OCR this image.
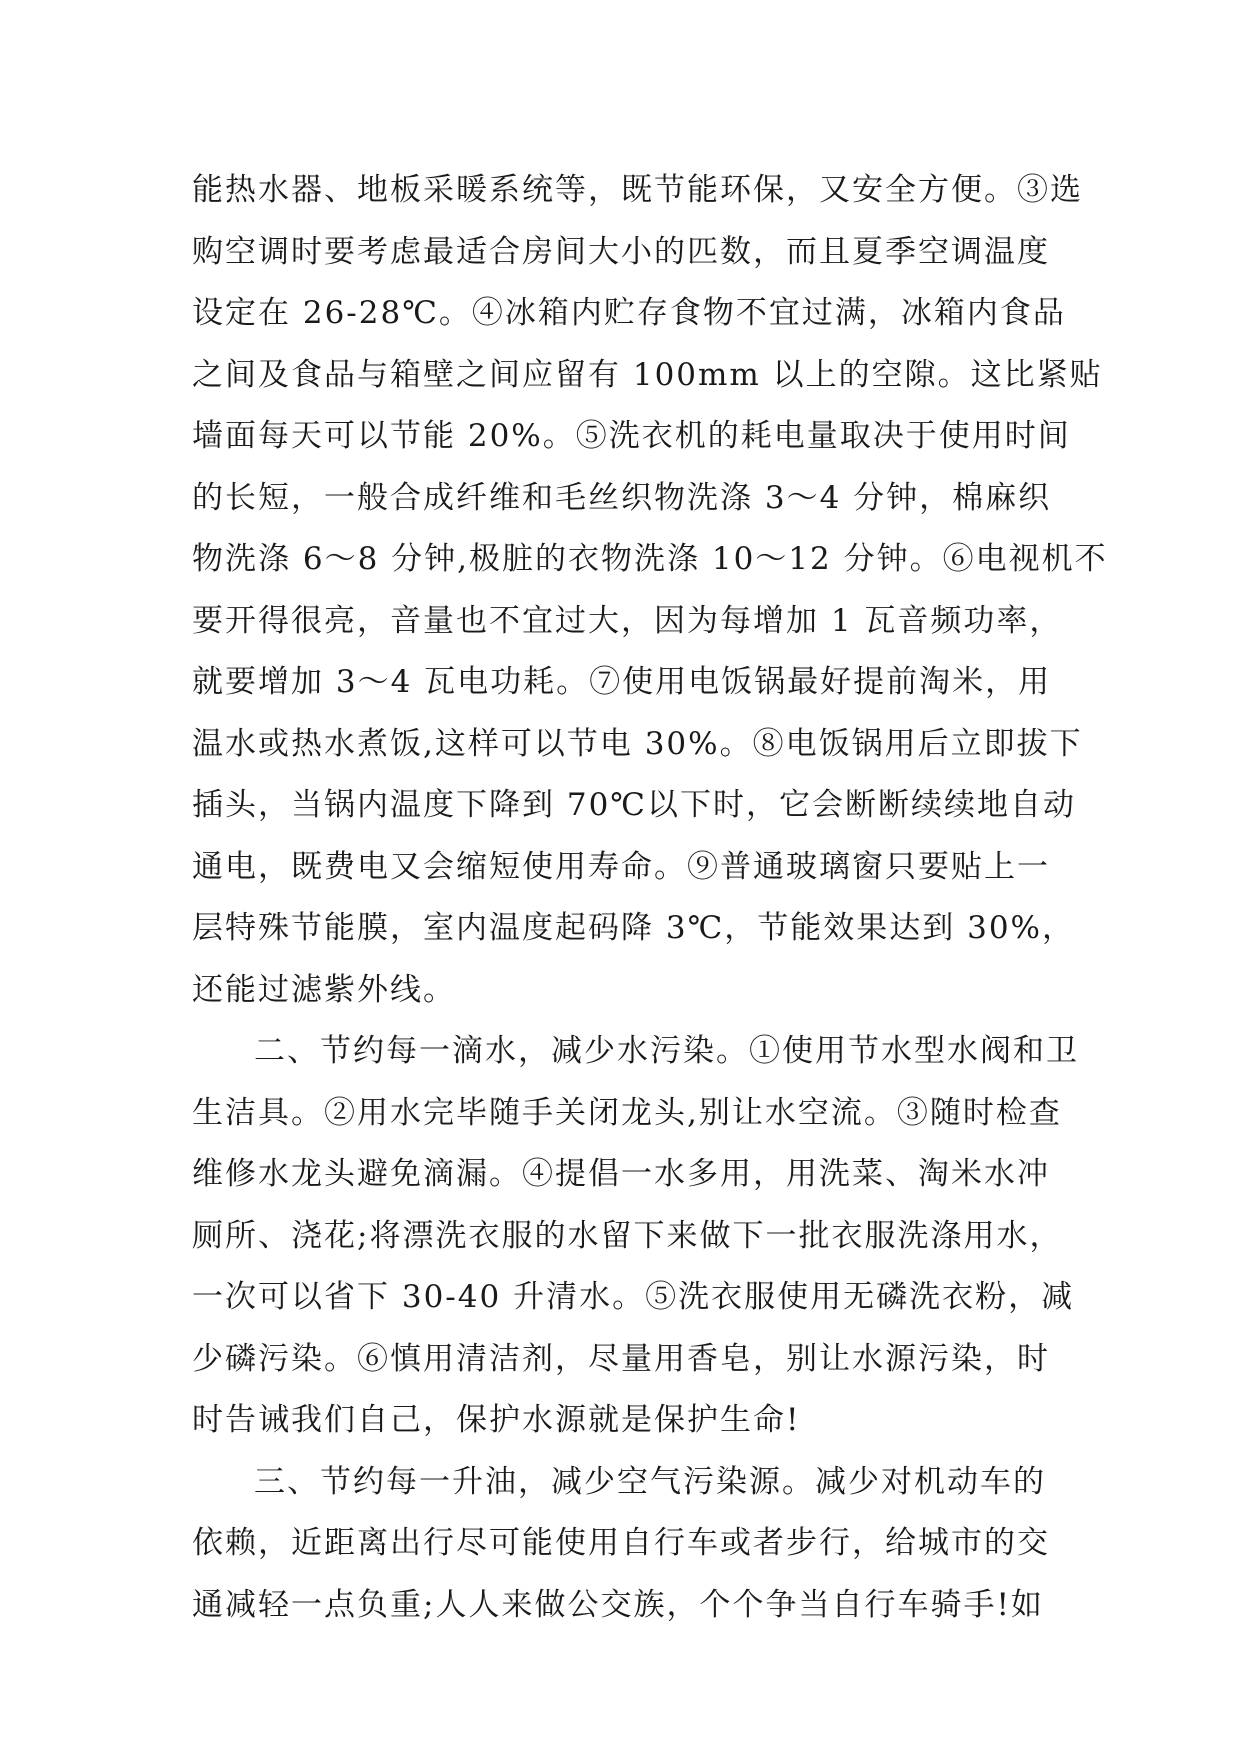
能热水器、地板采暖系统等，既节能环保，又安全方便。③选
购空调时要考虑最适合房间大小的匹数，而且夏季空调温度
设定在 26-28℃。④冰箱内贮存食物不宜过满，冰箱内食品
之间及食品与箱壁之间应留有 100mm 以上的空隙。这比紧贴
墙面每天可以节能 20%。⑤洗衣机的耗电量取决于使用时间
的长短，一般合成纤维和毛丝织物洗涤 3～4 分钟，棉麻织
物洗涤 6～8 分钟,极脏的衣物洗涤 10～12 分钟。⑥电视机不
要开得很亮，音量也不宜过大，因为每增加 1 瓦音频功率，
就要增加 3～4 瓦电功耗。⑦使用电饭锅最好提前淘米，用
温水或热水煮饭,这样可以节电 30%。⑧电饭锅用后立即拔下
插头，当锅内温度下降到 70℃以下时，它会断断续续地自动
通电，既费电又会缩短使用寿命。⑨普通玻璃窗只要贴上一
层特殊节能膜，室内温度起码降 3℃，节能效果达到 30%，
还能过滤紫外线。
二、节约每一滴水，减少水污染。①使用节水型水阀和卫
生洁具。②用水完毕随手关闭龙头,别让水空流。③随时检查
维修水龙头避免滴漏。④提倡一水多用，用洗菜、淘米水冲
厕所、浇花;将漂洗衣服的水留下来做下一批衣服洗涤用水，
一次可以省下 30-40 升清水。⑤洗衣服使用无磷洗衣粉，减
少磷污染。⑥慎用清洁剂，尽量用香皂，别让水源污染，时
时告诫我们自己，保护水源就是保护生命!
三、节约每一升油，减少空气污染源。减少对机动车的
依赖，近距离出行尽可能使用自行车或者步行，给城市的交
通减轻一点负重;人人来做公交族，个个争当自行车骑手!如
